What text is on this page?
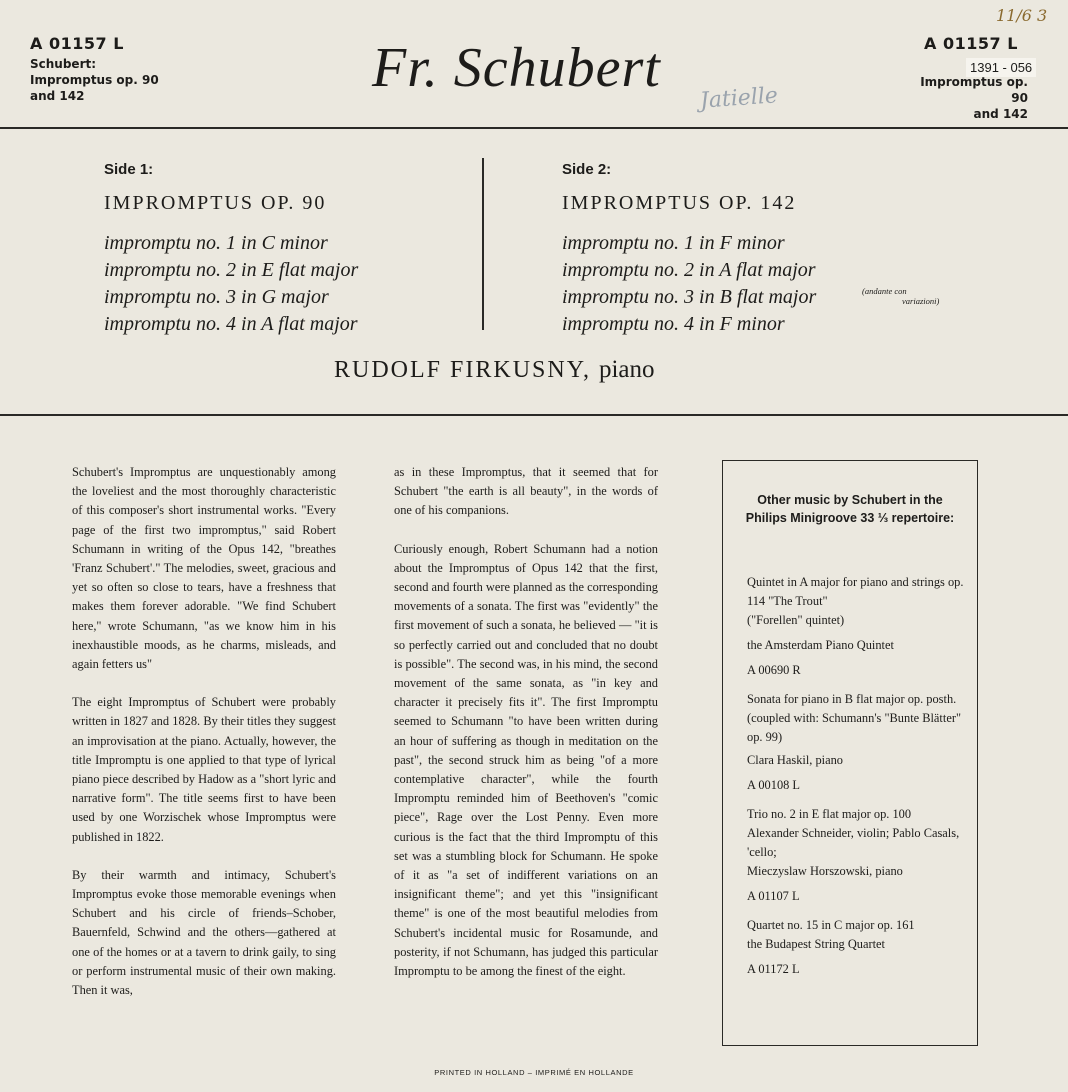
A 01157 L
Schubert:
Impromptus op. 90
and 142	Fr. Schubert Jatielle
11/6 3
A 01157 L
1391 - 056
Impromptus op. 90
and 142
Side 1:
IMPROMPTUS OP. 90
impromptu no. 1 in C minor
impromptu no. 2 in E flat major
impromptu no. 3 in G major
impromptu no. 4 in A flat major
Side 2:
IMPROMPTUS OP. 142
impromptu no. 1 in F minor
impromptu no. 2 in A flat major
impromptu no. 3 in B flat major
impromptu no. 4 in F minor
(andante con
variazioni)
RUDOLF FIRKUSNY, piano

Schubert's Impromptus are unquestionably among the loveliest and the most thoroughly characteristic of this composer's short instrumental works. "Every page of the first two impromptus," said Robert Schumann in writing of the Opus 142, "breathes 'Franz Schubert'." The melodies, sweet, gracious and yet so often so close to tears, have a freshness that makes them forever adorable. "We find Schubert here," wrote Schumann, "as we know him in his inexhaustible moods, as he charms, misleads, and again fetters us"

The eight Impromptus of Schubert were probably written in 1827 and 1828. By their titles they suggest an improvisation at the piano. Actually, however, the title Impromptu is one applied to that type of lyrical piano piece described by Hadow as a "short lyric and narrative form". The title seems first to have been used by one Worzischek whose Impromptus were published in 1822.

By their warmth and intimacy, Schubert's Impromptus evoke those memorable evenings when Schubert and his circle of friends–Schober, Bauernfeld, Schwind and the others—gathered at one of the homes or at a tavern to drink gaily, to sing or perform instrumental music of their own making. Then it was,

as in these Impromptus, that it seemed that for Schubert "the earth is all beauty", in the words of one of his companions.

Curiously enough, Robert Schumann had a notion about the Impromptus of Opus 142 that the first, second and fourth were planned as the corresponding movements of a sonata. The first was "evidently" the first movement of such a sonata, he believed — "it is so perfectly carried out and concluded that no doubt is possible". The second was, in his mind, the second movement of the same sonata, as "in key and character it precisely fits it". The first Impromptu seemed to Schumann "to have been written during an hour of suffering as though in meditation on the past", the second struck him as being "of a more contemplative character", while the fourth Impromptu reminded him of Beethoven's "comic piece", Rage over the Lost Penny. Even more curious is the fact that the third Impromptu of this set was a stumbling block for Schumann. He spoke of it as "a set of indifferent variations on an insignificant theme"; and yet this "insignificant theme" is one of the most beautiful melodies from Schubert's incidental music for Rosamunde, and posterity, if not Schumann, has judged this particular Impromptu to be among the finest of the eight.

Other music by Schubert in the Philips Minigroove 33 ⅓ repertoire:

Quintet in A major for piano and strings op. 114 "The Trout"
("Forellen" quintet)

the Amsterdam Piano Quintet

A 00690 R

Sonata for piano in B flat major op. posth.
(coupled with: Schumann's "Bunte Blätter" op. 99)

Clara Haskil, piano

A 00108 L

Trio no. 2 in E flat major op. 100
Alexander Schneider, violin; Pablo Casals, 'cello;
Mieczyslaw Horszowski, piano

A 01107 L

Quartet no. 15 in C major op. 161
the Budapest String Quartet

A 01172 L

PRINTED IN HOLLAND – IMPRIMÉ EN HOLLANDE
